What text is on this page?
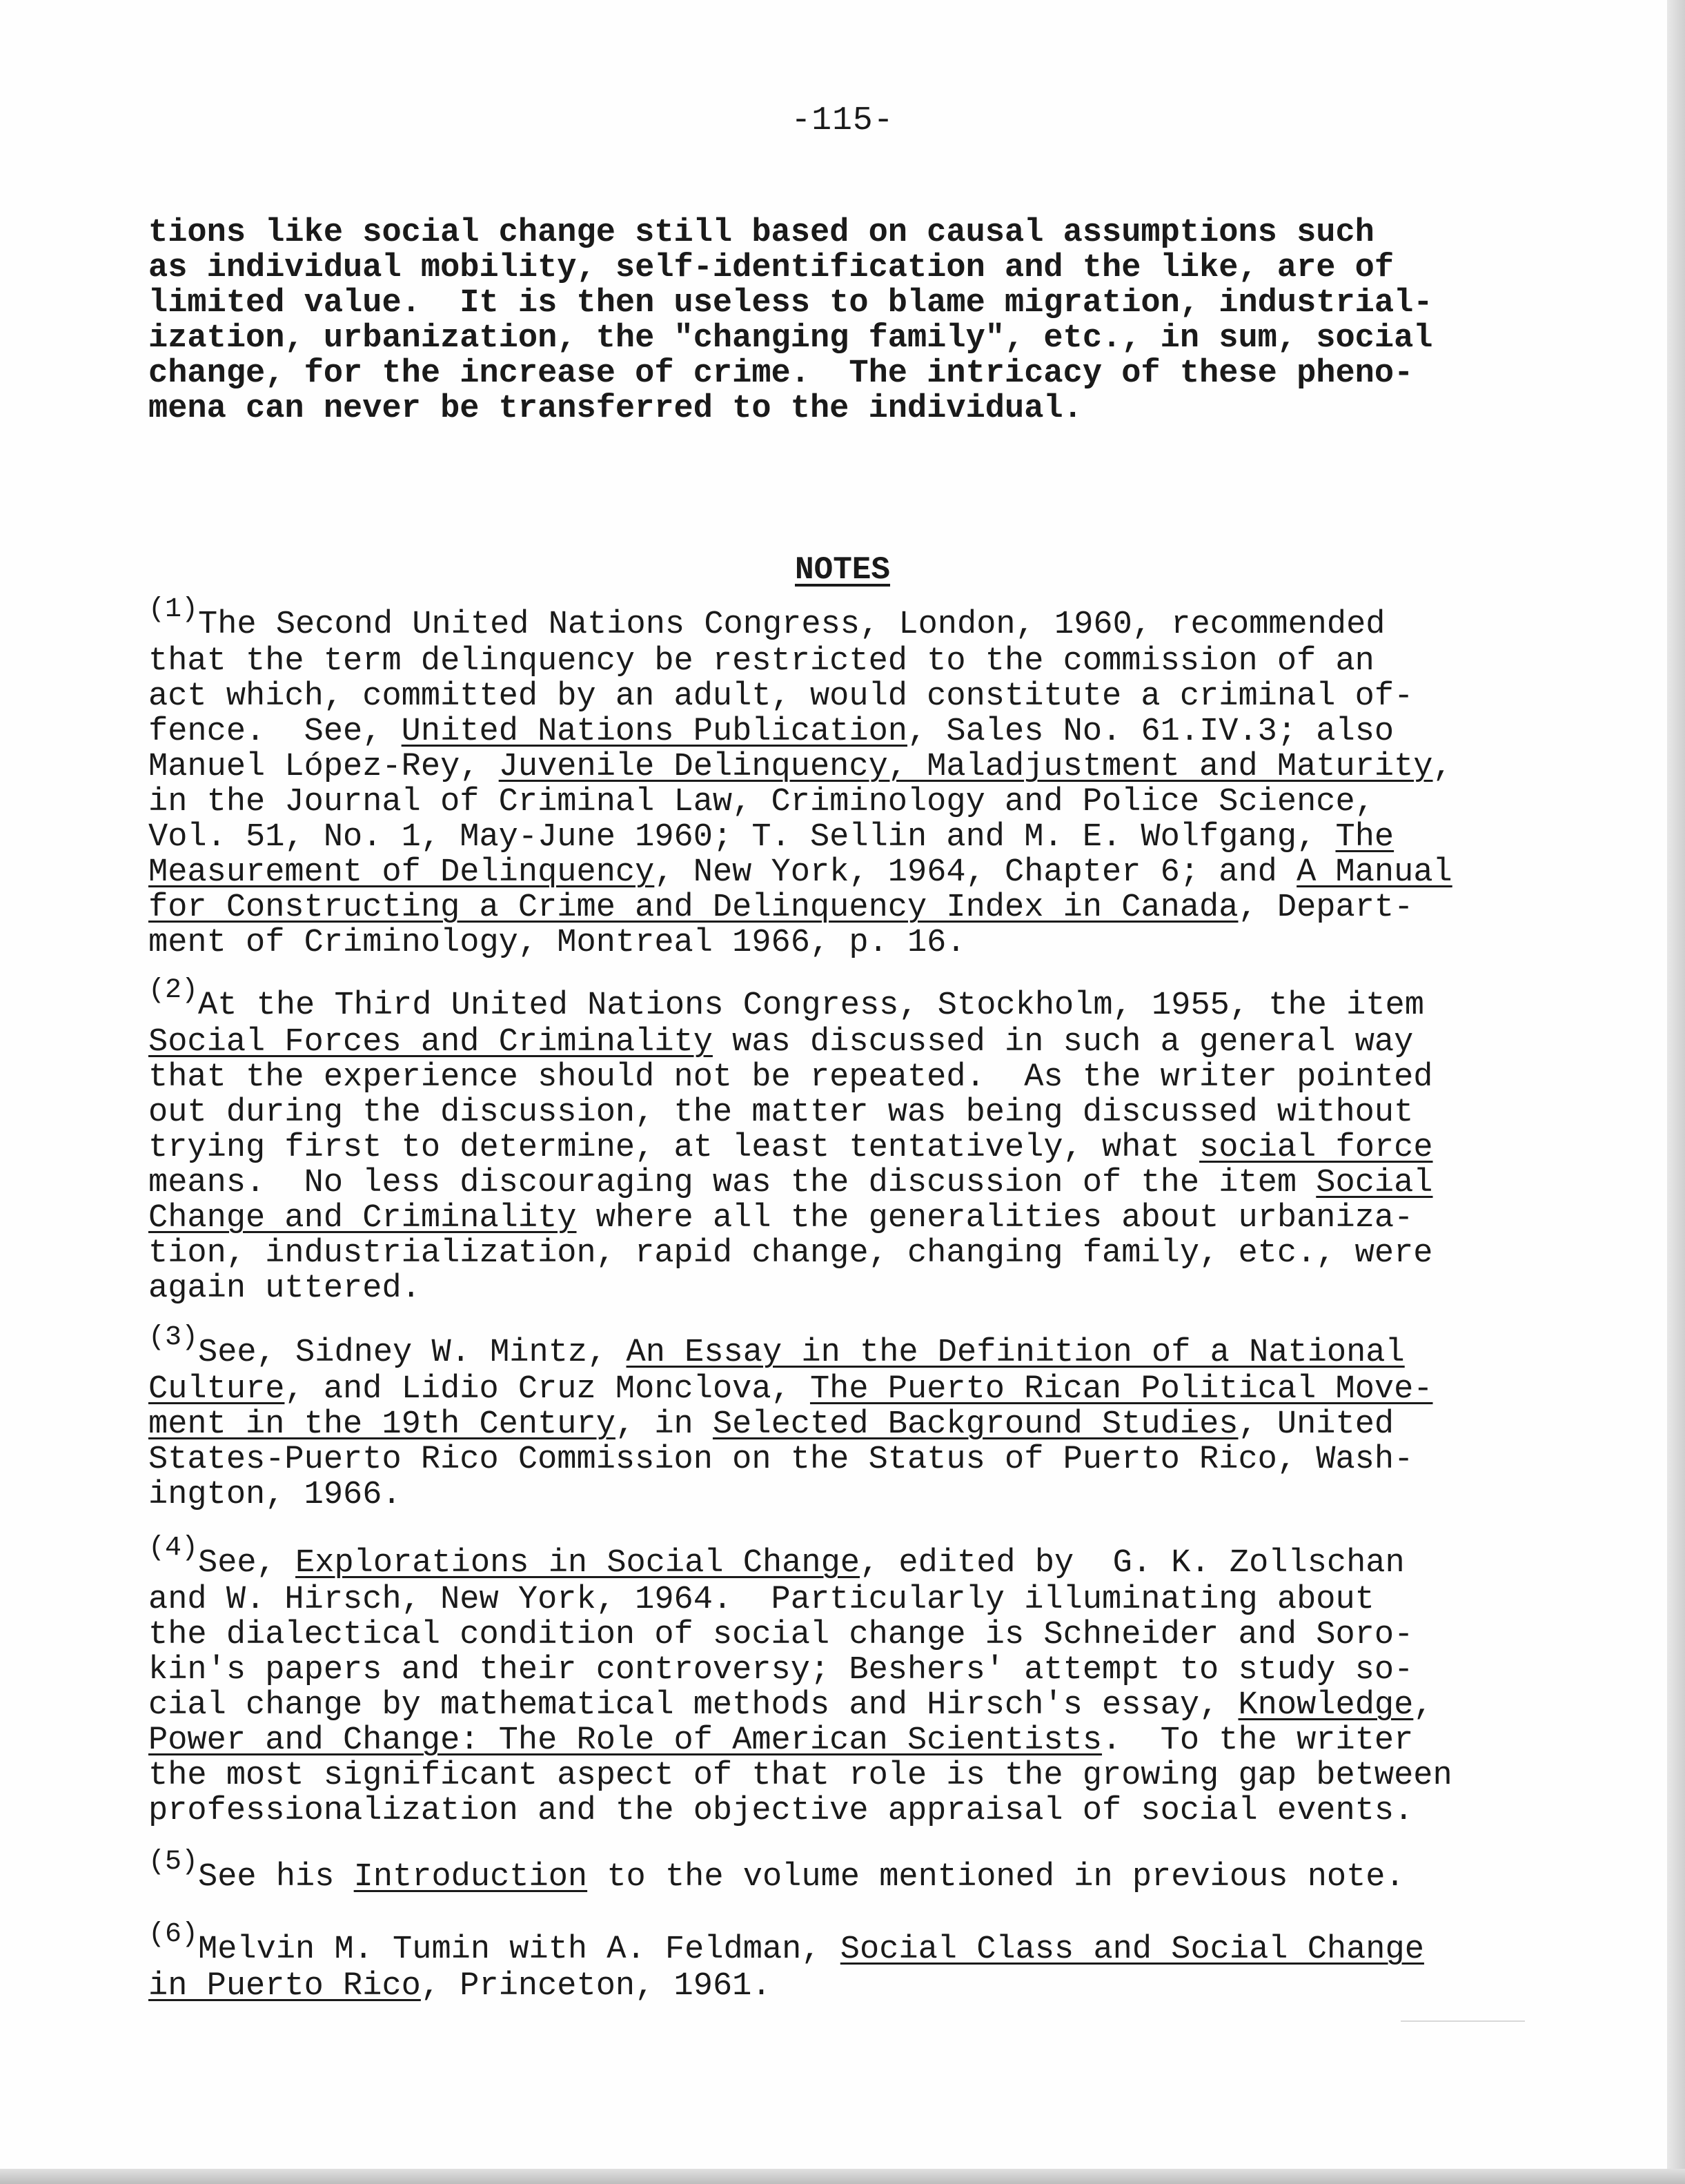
-115-
tions like social change still based on causal assumptions such
as individual mobility, self-identification and the like, are of
limited value.  It is then useless to blame migration, industrial-
ization, urbanization, the "changing family", etc., in sum, social
change, for the increase of crime.  The intricacy of these pheno-
mena can never be transferred to the individual.
NOTES
(1)The Second United Nations Congress, London, 1960, recommended
that the term delinquency be restricted to the commission of an
act which, committed by an adult, would constitute a criminal of-
fence.  See, United Nations Publication, Sales No. 61.IV.3; also
Manuel López-Rey, Juvenile Delinquency, Maladjustment and Maturity,
in the Journal of Criminal Law, Criminology and Police Science,
Vol. 51, No. 1, May-June 1960; T. Sellin and M. E. Wolfgang, The
Measurement of Delinquency, New York, 1964, Chapter 6; and A Manual
for Constructing a Crime and Delinquency Index in Canada, Depart-
ment of Criminology, Montreal 1966, p. 16.
(2)At the Third United Nations Congress, Stockholm, 1955, the item
Social Forces and Criminality was discussed in such a general way
that the experience should not be repeated.  As the writer pointed
out during the discussion, the matter was being discussed without
trying first to determine, at least tentatively, what social force
means.  No less discouraging was the discussion of the item Social
Change and Criminality where all the generalities about urbaniza-
tion, industrialization, rapid change, changing family, etc., were
again uttered.
(3)See, Sidney W. Mintz, An Essay in the Definition of a National
Culture, and Lidio Cruz Monclova, The Puerto Rican Political Move-
ment in the 19th Century, in Selected Background Studies, United
States-Puerto Rico Commission on the Status of Puerto Rico, Wash-
ington, 1966.
(4)See, Explorations in Social Change, edited by  G. K. Zollschan
and W. Hirsch, New York, 1964.  Particularly illuminating about
the dialectical condition of social change is Schneider and Soro-
kin's papers and their controversy; Beshers' attempt to study so-
cial change by mathematical methods and Hirsch's essay, Knowledge,
Power and Change: The Role of American Scientists.  To the writer
the most significant aspect of that role is the growing gap between
professionalization and the objective appraisal of social events.
(5)See his Introduction to the volume mentioned in previous note.
(6)Melvin M. Tumin with A. Feldman, Social Class and Social Change
in Puerto Rico, Princeton, 1961.
